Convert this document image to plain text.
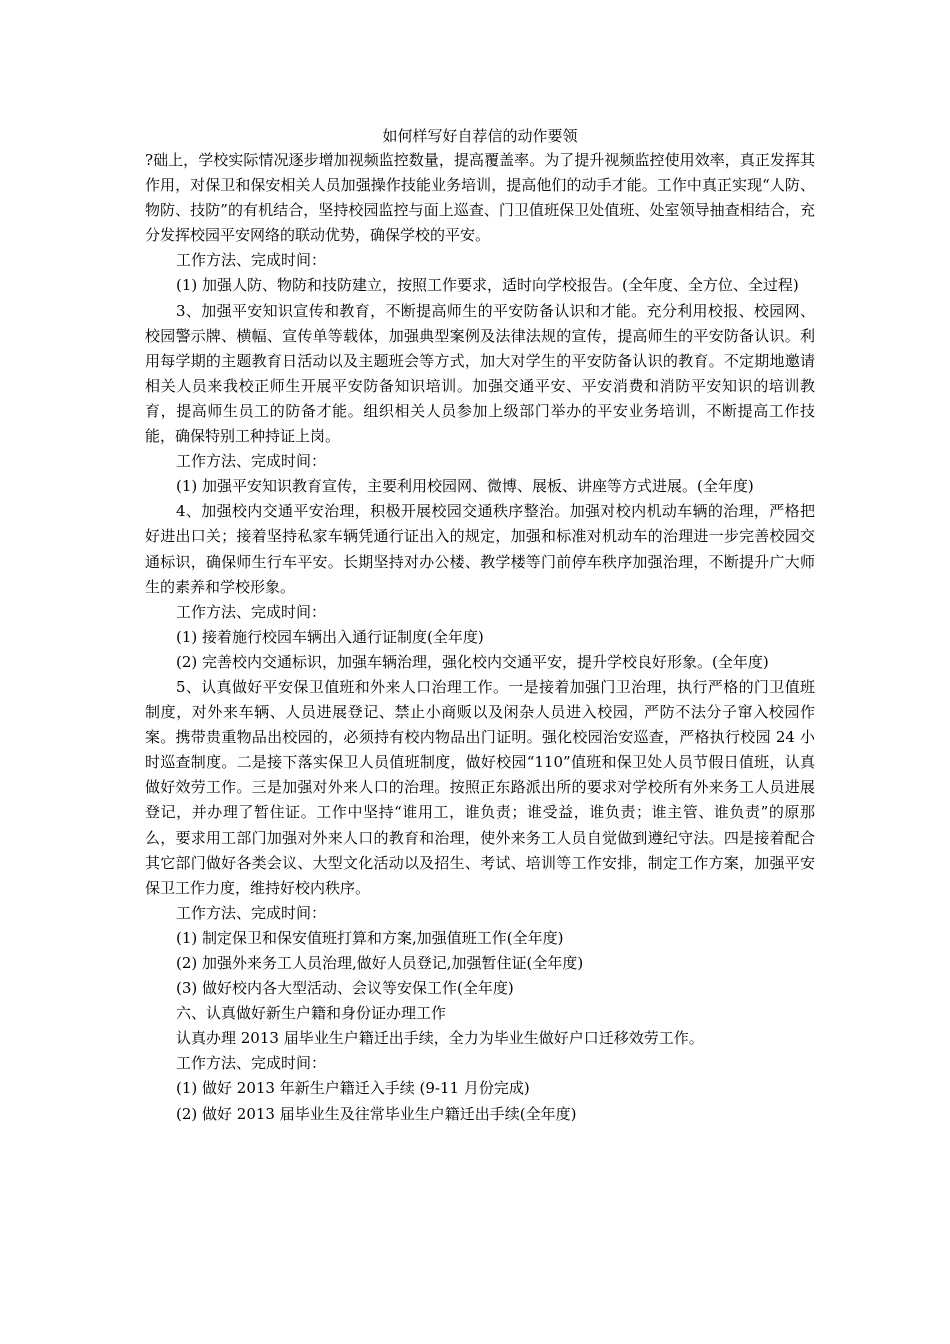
如何样写好自荐信的动作要领

?础上，学校实际情况逐步增加视频监控数量，提高覆盖率。为了提升视频监控使用效率，真正发挥其作用，对保卫和保安相关人员加强操作技能业务培训，提高他们的动手才能。工作中真正实现“人防、物防、技防”的有机结合，坚持校园监控与面上巡查、门卫值班保卫处值班、处室领导抽查相结合，充分发挥校园平安网络的联动优势，确保学校的平安。

工作方法、完成时间：

(1) 加强人防、物防和技防建立，按照工作要求，适时向学校报告。(全年度、全方位、全过程)

3、加强平安知识宣传和教育，不断提高师生的平安防备认识和才能。充分利用校报、校园网、校园警示牌、横幅、宣传单等载体，加强典型案例及法律法规的宣传，提高师生的平安防备认识。利用每学期的主题教育日活动以及主题班会等方式，加大对学生的平安防备认识的教育。不定期地邀请相关人员来我校正师生开展平安防备知识培训。加强交通平安、平安消费和消防平安知识的培训教育，提高师生员工的防备才能。组织相关人员参加上级部门举办的平安业务培训，不断提高工作技能，确保特别工种持证上岗。

工作方法、完成时间：

(1) 加强平安知识教育宣传，主要利用校园网、微博、展板、讲座等方式进展。(全年度)

4、加强校内交通平安治理，积极开展校园交通秩序整治。加强对校内机动车辆的治理，严格把好进出口关；接着坚持私家车辆凭通行证出入的规定，加强和标准对机动车的治理进一步完善校园交通标识，确保师生行车平安。长期坚持对办公楼、教学楼等门前停车秩序加强治理，不断提升广大师生的素养和学校形象。

工作方法、完成时间：

(1) 接着施行校园车辆出入通行证制度(全年度)

(2) 完善校内交通标识，加强车辆治理，强化校内交通平安，提升学校良好形象。(全年度)

5、认真做好平安保卫值班和外来人口治理工作。一是接着加强门卫治理，执行严格的门卫值班制度，对外来车辆、人员进展登记、禁止小商贩以及闲杂人员进入校园，严防不法分子窜入校园作案。携带贵重物品出校园的，必须持有校内物品出门证明。强化校园治安巡查，严格执行校园 24 小时巡查制度。二是接下落实保卫人员值班制度，做好校园“110”值班和保卫处人员节假日值班，认真做好效劳工作。三是加强对外来人口的治理。按照正东路派出所的要求对学校所有外来务工人员进展登记，并办理了暂住证。工作中坚持“谁用工，谁负责；谁受益，谁负责；谁主管、谁负责”的原那么，要求用工部门加强对外来人口的教育和治理，使外来务工人员自觉做到遵纪守法。四是接着配合其它部门做好各类会议、大型文化活动以及招生、考试、培训等工作安排，制定工作方案，加强平安保卫工作力度，维持好校内秩序。

工作方法、完成时间：

(1) 制定保卫和保安值班打算和方案,加强值班工作(全年度)

(2) 加强外来务工人员治理,做好人员登记,加强暂住证(全年度)

(3) 做好校内各大型活动、会议等安保工作(全年度)

六、认真做好新生户籍和身份证办理工作

认真办理 2013 届毕业生户籍迁出手续，全力为毕业生做好户口迁移效劳工作。

工作方法、完成时间：

(1) 做好 2013 年新生户籍迁入手续 (9-11 月份完成)

(2) 做好 2013 届毕业生及往常毕业生户籍迁出手续(全年度)
